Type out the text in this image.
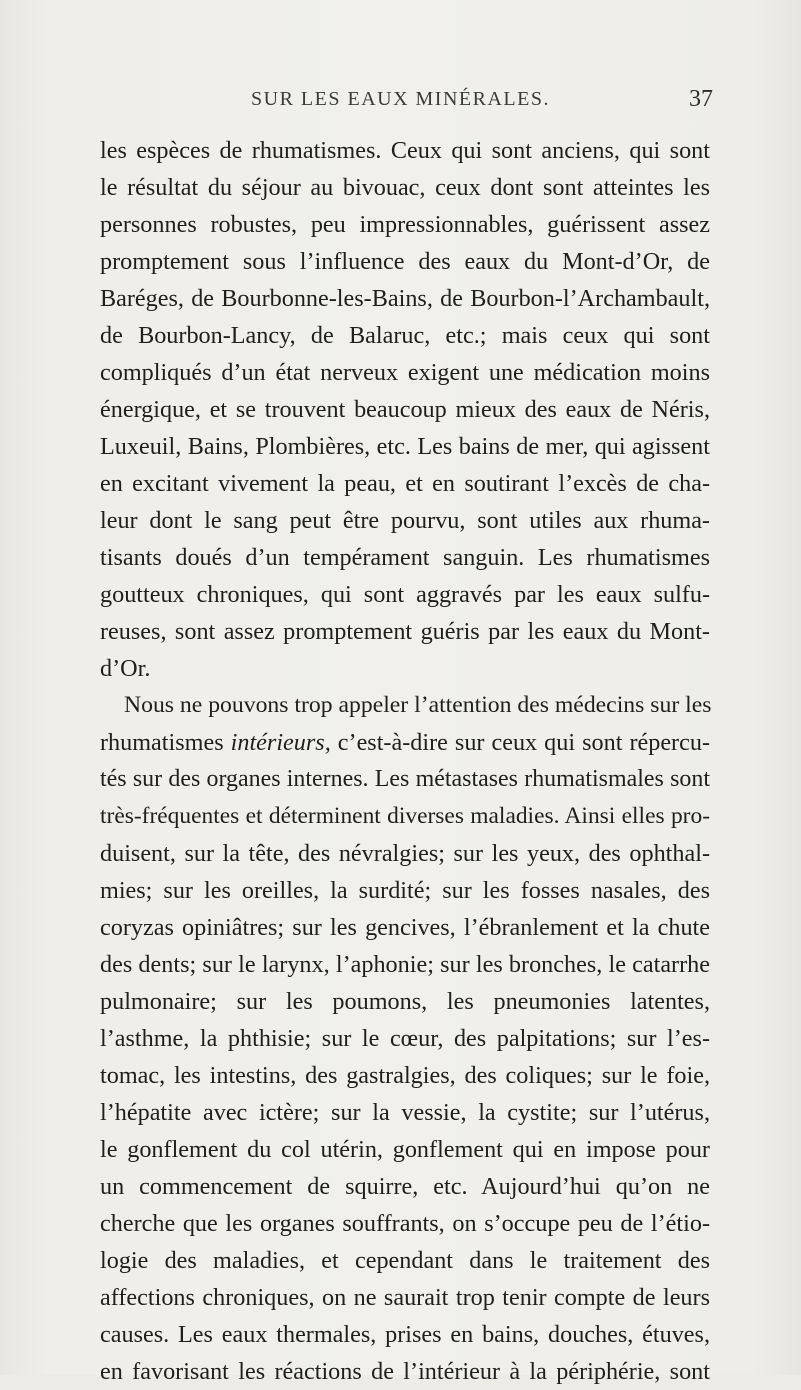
SUR LES EAUX MINÉRALES.	37
les espèces de rhumatismes. Ceux qui sont anciens, qui sont
le résultat du séjour au bivouac, ceux dont sont atteintes les
personnes robustes, peu impressionnables, guérissent assez
promptement sous l’influence des eaux du Mont-d’Or, de
Baréges, de Bourbonne-les-Bains, de Bourbon-l’Archambault,
de Bourbon-Lancy, de Balaruc, etc.; mais ceux qui sont
compliqués d’un état nerveux exigent une médication moins
énergique, et se trouvent beaucoup mieux des eaux de Néris,
Luxeuil, Bains, Plombières, etc. Les bains de mer, qui agissent
en excitant vivement la peau, et en soutirant l’excès de cha-
leur dont le sang peut être pourvu, sont utiles aux rhuma-
tisants doués d’un tempérament sanguin. Les rhumatismes
goutteux chroniques, qui sont aggravés par les eaux sulfu-
reuses, sont assez promptement guéris par les eaux du Mont-
d’Or.
Nous ne pouvons trop appeler l’attention des médecins sur les
rhumatismes intérieurs, c’est-à-dire sur ceux qui sont répercu-
tés sur des organes internes. Les métastases rhumatismales sont
très-fréquentes et déterminent diverses maladies. Ainsi elles pro-
duisent, sur la tête, des névralgies; sur les yeux, des ophthal-
mies; sur les oreilles, la surdité; sur les fosses nasales, des
coryzas opiniâtres; sur les gencives, l’ébranlement et la chute
des dents; sur le larynx, l’aphonie; sur les bronches, le catarrhe
pulmonaire; sur les poumons, les pneumonies latentes,
l’asthme, la phthisie; sur le cœur, des palpitations; sur l’es-
tomac, les intestins, des gastralgies, des coliques; sur le foie,
l’hépatite avec ictère; sur la vessie, la cystite; sur l’utérus,
le gonflement du col utérin, gonflement qui en impose pour
un commencement de squirre, etc. Aujourd’hui qu’on ne
cherche que les organes souffrants, on s’occupe peu de l’étio-
logie des maladies, et cependant dans le traitement des
affections chroniques, on ne saurait trop tenir compte de leurs
causes. Les eaux thermales, prises en bains, douches, étuves,
en favorisant les réactions de l’intérieur à la périphérie, sont
